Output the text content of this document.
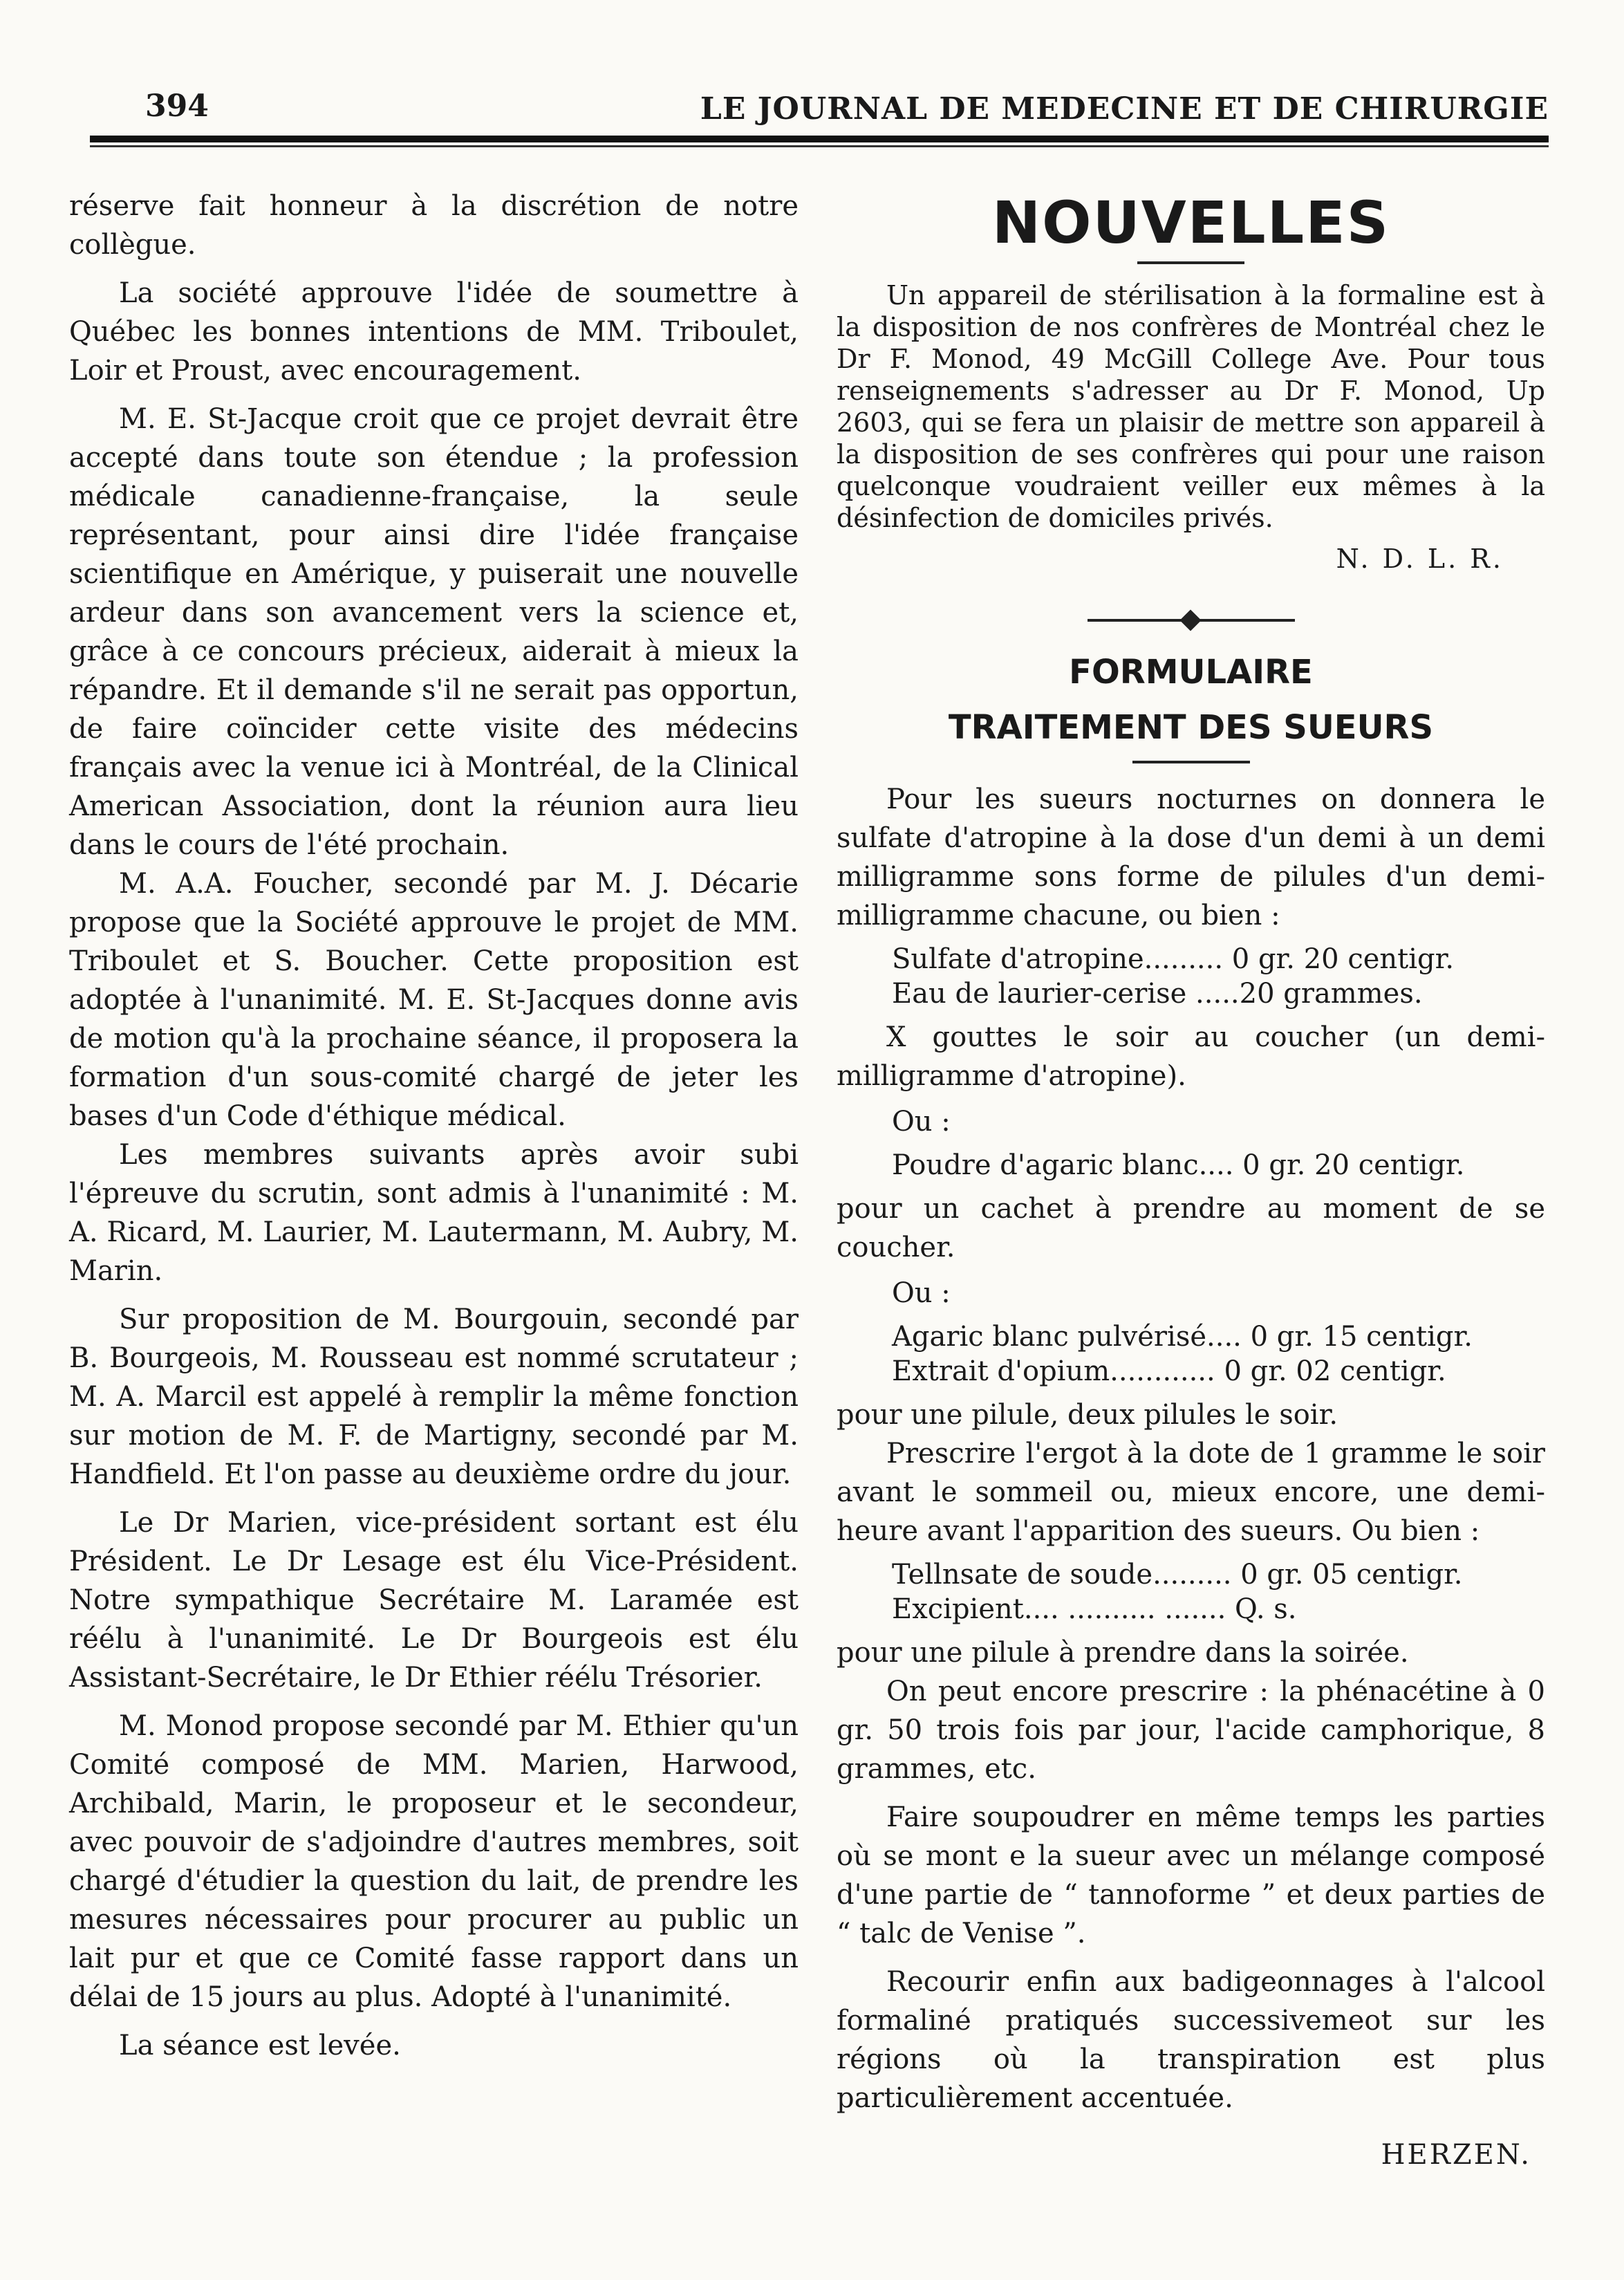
394	LE JOURNAL DE MEDECINE ET DE CHIRURGIE

réserve fait honneur à la discrétion de notre collègue.

La société approuve l'idée de soumettre à Québec les bonnes intentions de MM. Triboulet, Loir et Proust, avec encouragement.

M. E. St-Jacque croit que ce projet devrait être accepté dans toute son étendue ; la profession médicale canadienne-française, la seule représentant, pour ainsi dire l'idée française scientifique en Amérique, y puiserait une nouvelle ardeur dans son avancement vers la science et, grâce à ce concours précieux, aiderait à mieux la répandre. Et il demande s'il ne serait pas opportun, de faire coïncider cette visite des médecins français avec la venue ici à Montréal, de la Clinical American Association, dont la réunion aura lieu dans le cours de l'été prochain.

M. A.A. Foucher, secondé par M. J. Décarie propose que la Société approuve le projet de MM. Triboulet et S. Boucher. Cette proposition est adoptée à l'unanimité. M. E. St-Jacques donne avis de motion qu'à la prochaine séance, il proposera la formation d'un sous-comité chargé de jeter les bases d'un Code d'éthique médical.

Les membres suivants après avoir subi l'épreuve du scrutin, sont admis à l'unanimité : M. A. Ricard, M. Laurier, M. Lautermann, M. Aubry, M. Marin.

Sur proposition de M. Bourgouin, secondé par B. Bourgeois, M. Rousseau est nommé scrutateur ; M. A. Marcil est appelé à remplir la même fonction sur motion de M. F. de Martigny, secondé par M. Handfield. Et l'on passe au deuxième ordre du jour.

Le Dr Marien, vice-président sortant est élu Président. Le Dr Lesage est élu Vice-Président. Notre sympathique Secrétaire M. Laramée est réélu à l'unanimité. Le Dr Bourgeois est élu Assistant-Secrétaire, le Dr Ethier réélu Trésorier.

M. Monod propose secondé par M. Ethier qu'un Comité composé de MM. Marien, Harwood, Archibald, Marin, le proposeur et le secondeur, avec pouvoir de s'adjoindre d'autres membres, soit chargé d'étudier la question du lait, de prendre les mesures nécessaires pour procurer au public un lait pur et que ce Comité fasse rapport dans un délai de 15 jours au plus. Adopté à l'unanimité.

La séance est levée.

NOUVELLES

Un appareil de stérilisation à la formaline est à la disposition de nos confrères de Montréal chez le Dr F. Monod, 49 McGill College Ave. Pour tous renseignements s'adresser au Dr F. Monod, Up 2603, qui se fera un plaisir de mettre son appareil à la disposition de ses confrères qui pour une raison quelconque voudraient veiller eux mêmes à la désinfection de domiciles privés.

N. D. L. R.
FORMULAIRE
TRAITEMENT DES SUEURS

Pour les sueurs nocturnes on donnera le sulfate d'atropine à la dose d'un demi à un demi milligramme sons forme de pilules d'un demi-milligramme chacune, ou bien :

Sulfate d'atropine......... 0 gr. 20 centigr.
Eau de laurier-cerise .....20 grammes.

X gouttes le soir au coucher (un demi-milligramme d'atropine).

Ou :
Poudre d'agaric blanc.... 0 gr. 20 centigr.

pour un cachet à prendre au moment de se coucher.

Ou :
Agaric blanc pulvérisé.... 0 gr. 15 centigr.
Extrait d'opium............ 0 gr. 02 centigr.

pour une pilule, deux pilules le soir.

Prescrire l'ergot à la dote de 1 gramme le soir avant le sommeil ou, mieux encore, une demi-heure avant l'apparition des sueurs. Ou bien :

Tellnsate de soude......... 0 gr. 05 centigr.
Excipient.... .......... ....... Q. s.

pour une pilule à prendre dans la soirée.

On peut encore prescrire : la phénacétine à 0 gr. 50 trois fois par jour, l'acide camphorique, 8 grammes, etc.

Faire soupoudrer en même temps les parties où se mont e la sueur avec un mélange composé d'une partie de “ tannoforme ” et deux parties de “ talc de Venise ”.

Recourir enfin aux badigeonnages à l'alcool formaliné pratiqués successivemeot sur les régions où la transpiration est plus particulièrement accentuée.

HERZEN.
